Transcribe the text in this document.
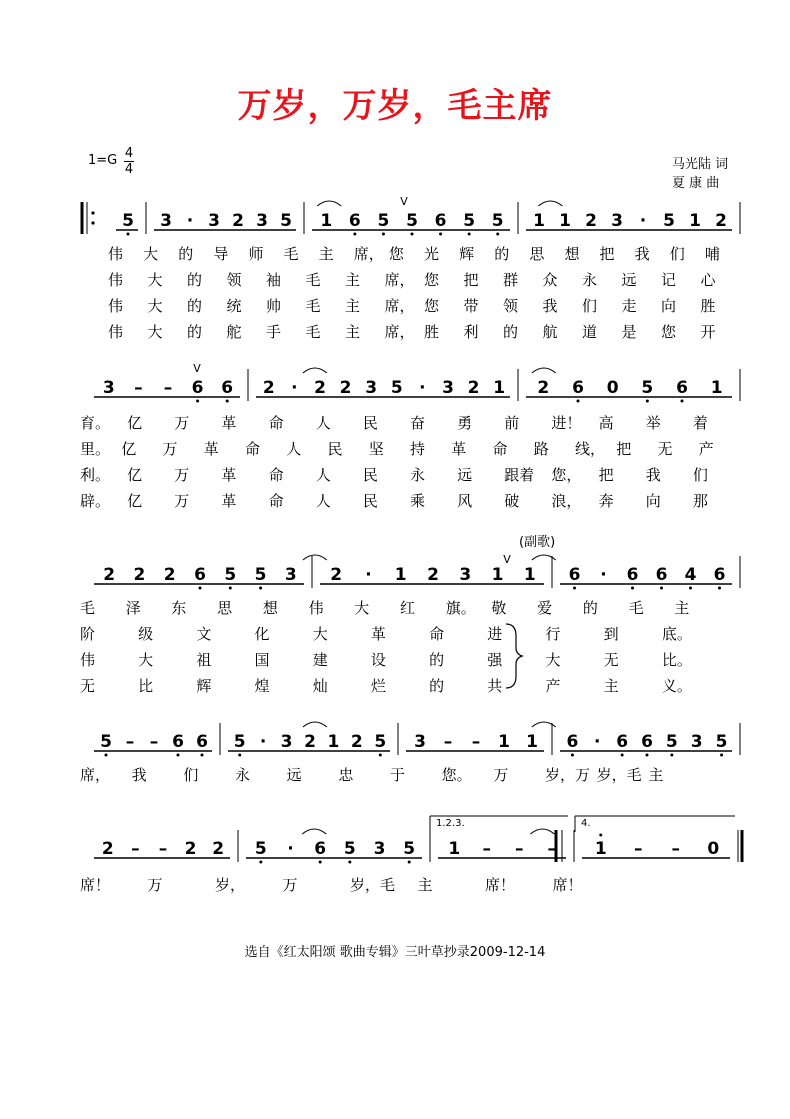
万岁，万岁，毛主席
1=G 4
4	马光陆 词
夏 康 曲
5 3 · 3 2 3 5 1 6 5 5 6 5 5 1 1 2 3 · 5 1 2
伟 大 的 导 师 毛 主 席， 您 光 辉 的 思 想 把 我 们 哺
伟 大 的 领 袖 毛 主 席， 您 把 群 众 永 远 记 心
伟 大 的 统 帅 毛 主 席， 您 带 领 我 们 走 向 胜
伟 大 的 舵 手 毛 主 席， 胜 利 的 航 道 是 您 开
3 – – 6 6 2 · 2 2 3 5 · 3 2 1 2 6 0 5 6 1
育。 亿 万 革 命 人 民 奋 勇 前 进！ 高 举 着
里。 亿 万 革 命 人 民 坚 持 革 命 路 线， 把 无 产
利。 亿 万 革 命 人 民 永 远 跟着 您， 把 我 们
辟。 亿 万 革 命 人 民 乘 风 破 浪， 奔 向 那
2 2 2 6 5 5 3 2 · 1 2 3 1 1 6 · 6 6 4 6
毛 泽 东 思 想 伟 大 红 旗。 敬 爱 的 毛 主
阶	级	文	化	大	革	命	进	行	到	底。
伟	大	祖	国	建	设	的	强	大	无	比。
无	比	辉	煌	灿	烂	的	共	产	主	义。
5 – – 6 6 5 · 3 2 1 2 5 3 – – 1 1 6 · 6 6 5 3 5
席， 我 们 永 远 忠 于 您。 万 岁，万 岁，毛 主
2 – – 2 2 5 · 6 5 3 5 1 – – – 1 – – 0
席！ 万	岁， 万	岁，毛 主	席！ 席！
V
V
V
(副歌)
1.2.3.	4.
选自《红太阳颂 歌曲专辑》三叶草抄录2009-12-14
